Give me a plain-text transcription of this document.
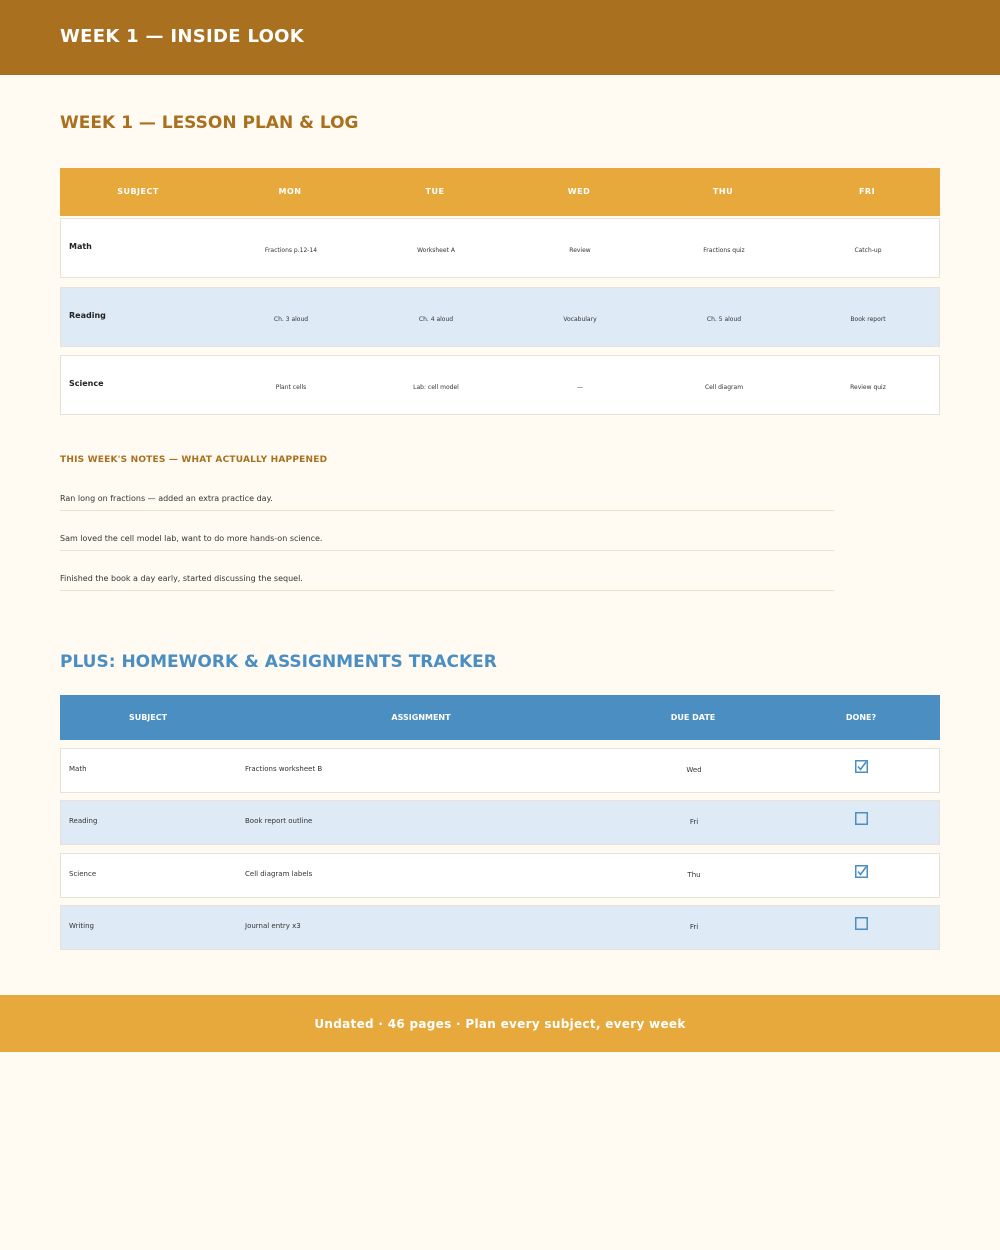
WEEK 1 — INSIDE LOOK
WEEK 1 — LESSON PLAN & LOG
SUBJECT	MON	TUE	WED	THU	FRI
Math	Fractions p.12-14	Worksheet A	Review	Fractions quiz	Catch-up
Reading	Ch. 3 aloud	Ch. 4 aloud	Vocabulary	Ch. 5 aloud	Book report
Science	Plant cells	Lab: cell model	—	Cell diagram	Review quiz
THIS WEEK'S NOTES — WHAT ACTUALLY HAPPENED
Ran long on fractions — added an extra practice day.
Sam loved the cell model lab, want to do more hands-on science.
Finished the book a day early, started discussing the sequel.
PLUS: HOMEWORK & ASSIGNMENTS TRACKER
SUBJECT	ASSIGNMENT	DUE DATE	DONE?
Math	Fractions worksheet B	Wed
Reading	Book report outline	Fri
Science	Cell diagram labels	Thu
Writing	Journal entry x3	Fri
Undated · 46 pages · Plan every subject, every week
